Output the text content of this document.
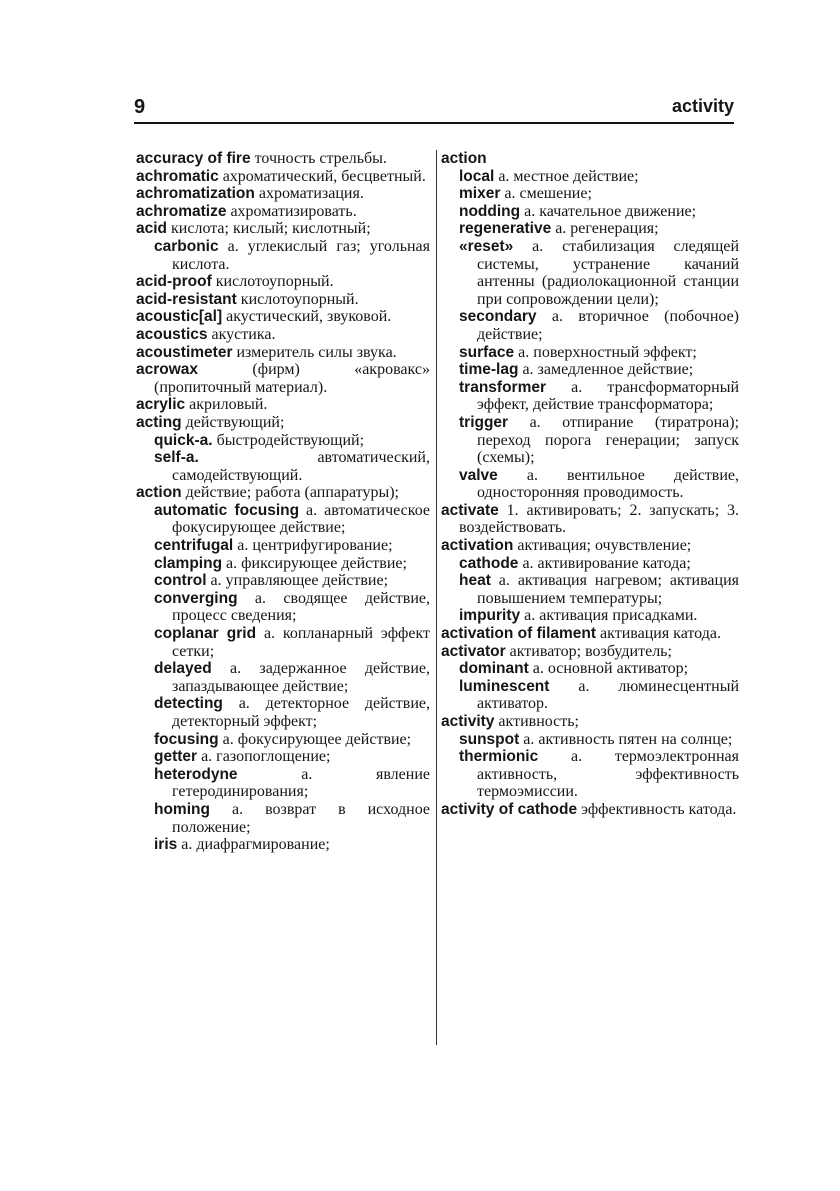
9	activity
accuracy of fire точность стрельбы.
achromatic ахроматический, бесцветный.
achromatization ахроматизация.
achromatize ахроматизировать.
acid кислота; кислый; кислотный;
carbonic a. углекислый газ; угольная кислота.
acid-proof кислотоупорный.
acid-resistant кислотоупорный.
acoustic[al] акустический, звуковой.
acoustics акустика.
acoustimeter измеритель силы звука.
acrowax	(фирм) «акровакс» (пропиточный материал).
acrylic акриловый.
acting действующий;
quick-a. быстродействующий;
self-a.	автоматический, самодействующий.
action действие; работа (аппаратуры);
automatic focusing a. автоматическое фокусирующее действие;
centrifugal a. центрифугирование;
clamping a. фиксирующее действие;
control a. управляющее действие;
converging a. сводящее действие, процесс сведения;
coplanar grid a. копланарный эффект сетки;
delayed a. задержанное действие, запаздывающее действие;
detecting a. детекторное действие, детекторный эффект;
focusing a. фокусирующее действие;
getter a. газопоглощение;
heterodyne	a. явление гетеродинирования;
homing a. возврат в исходное положение;
iris a. диафрагмирование;
action
local a. местное действие;
mixer a. смешение;
nodding a. качательное движение;
regenerative a. регенерация;
«reset» a. стабилизация следящей системы, устранение качаний антенны (радиолокационной станции при сопровождении цели);
secondary a. вторичное (побочное) действие;
surface a. поверхностный эффект;
time-lag a. замедленное действие;
transformer a. трансформаторный эффект, действие трансформатора;
trigger a. отпирание (тиратрона); переход порога генерации; запуск (схемы);
valve a. вентильное действие, односторонняя проводимость.
activate 1. активировать; 2. запускать; 3. воздействовать.
activation активация; очувствление;
cathode a. активирование катода;
heat a. активация нагревом; активация повышением температуры;
impurity a. активация присадками.
activation of filament активация катода.
activator активатор; возбудитель;
dominant a. основной активатор;
luminescent a. люминесцентный активатор.
activity активность;
sunspot a. активность пятен на солнце;
thermionic a. термоэлектронная активность, эффективность термоэмиссии.
activity of cathode эффективность катода.
